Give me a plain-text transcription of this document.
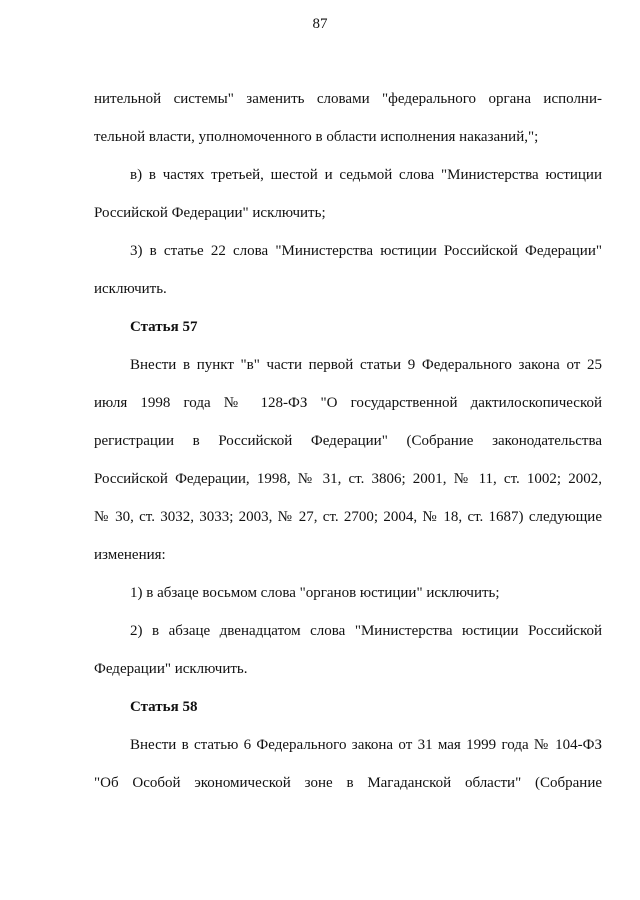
87

нительной системы" заменить словами "федерального органа исполни-

тельной власти, уполномоченного в области исполнения наказаний,";

в) в частях третьей, шестой и седьмой слова "Министерства юстиции

Российской Федерации" исключить;

3) в статье 22 слова "Министерства юстиции Российской Федерации"

исключить.

Статья 57

Внести в пункт "в" части первой статьи 9 Федерального закона от 25

июля 1998 года № 128-ФЗ "О государственной дактилоскопической

регистрации в Российской Федерации" (Собрание законодательства

Российской Федерации, 1998, № 31, ст. 3806; 2001, № 11, ст. 1002; 2002,

№ 30, ст. 3032, 3033; 2003, № 27, ст. 2700; 2004, № 18, ст. 1687) следующие

изменения:

1) в абзаце восьмом слова "органов юстиции" исключить;

2) в абзаце двенадцатом слова "Министерства юстиции Российской

Федерации" исключить.

Статья 58

Внести в статью 6 Федерального закона от 31 мая 1999 года № 104-ФЗ

"Об Особой экономической зоне в Магаданской области" (Собрание
